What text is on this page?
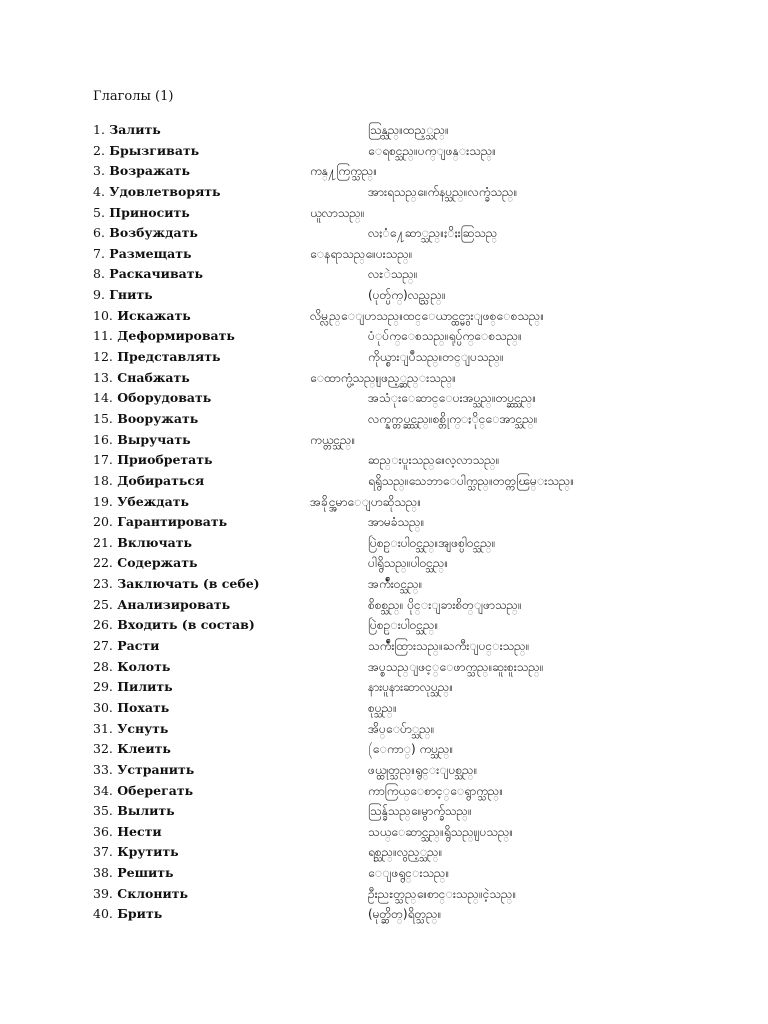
Глаголы (1)
1. Залить	သြန္သည္။ထည့္သည္။
2. Брызгивать	ေရစင္သည္။ပက္ျဖန္းသည္။
3. Возражать	ကန္႔ကြက္သည္။
4. Удовлетворять	အားရသည္။ေက်နပ္သည္။လက္ခံသည္။
5. Приносить	ယူလာသည္။
6. Возбуждать	လႈံ႔ေဆာ္သည္။ႏိႈးဆြသည္
7. Размещать	ေနရာသည္။ေပးသည္။
8. Раскачивать	လႊဲသည္။
9. Гнить	(ပုတ္ပ်က္)လည္သည္။
10. Искажать	လိမ္လည္ေျပာသည္။ထင္ေယာင္ထင္မွားျဖစ္ေစသည္။
11. Деформировать	ပံုပ်က္ေစသည္။ရုပ္ပ်က္ေစသည္။
12. Представлять	ကိုယ္စားျပဳသည္။တင္ျပသည္။
13. Снабжать	ေထာက္ပံ့သည္။ျဖည့္ဆည္းသည္။
14. Оборудовать	အသံုးေဆာင္ေပးအပ္သည္။တပ္ဆင္သည္။
15. Вооружать	လက္နက္တပ္ဆင္သည္။စစ္တိုက္ႏိုင္ေအာင္သည္။
16. Выручать	ကယ္တင္သည္။
17. Приобретать	ဆည္းပူးသည္။ေလ့လာသည္။
18. Добираться	ရရွိသည္။သေဘာေပါက္သည္။တတ္ကၽြမ္းသည္။
19. Убеждать	အခိုင္အမာေျပာဆိုသည္။
20. Гарантировать	အာမခံသည္။
21. Включать	ပြဲစဥ္းပါဝင္သည္။အျဖစ္ပါဝင္သည္။
22. Содержать	ပါရွိသည္။ပါဝင္သည္။
23. Заключать (в себе)	အက်ဳံးဝင္သည္။
25. Анализировать	စိစစ္သည္။ ပိုင္းျခားစိတ္ျဖာသည္။
26. Входить (в состав)	ပြဲစဥ္းပါဝင္သည္။
27. Расти	သက်ဳံးထြားသည္။ႀကီးျပင္းသည္။
28. Колоть	အပ္စသည္ျဖင့္ေဖာက္သည္။ဆူးစူးသည္။
29. Пилить	နားပူနားဆာလုပ္သည္။
30. Похать	စုပ္သည္။
31. Уснуть	အိပ္ေပ်ာ္သည္။
32. Клеить	(ေကာ္) ကပ္သည္။
33. Устранить	ဖယ္ထုတ္သည္။ရွင္းျပစ္သည္။
34. Оберегать	ကာကြယ္ေစာင့္ေရွာက္သည္။
35. Вылить	သြန္ခ်သည္။ေမွာက္ခ်သည္။
36. Нести	သယ္ေဆာင္သည္။ရွိသည္။ျပသည္။
37. Крутить	ရစ္သည္။လွည့္သည္။
38. Решить	ေျဖရွင္းသည္။
39. Склонить	ဦးညႊတ္သည္။ေစာင္းသည္။ငဲ့သည္။
40. Брить	(မုတ္ဆိတ္)ရိတ္သည္။
